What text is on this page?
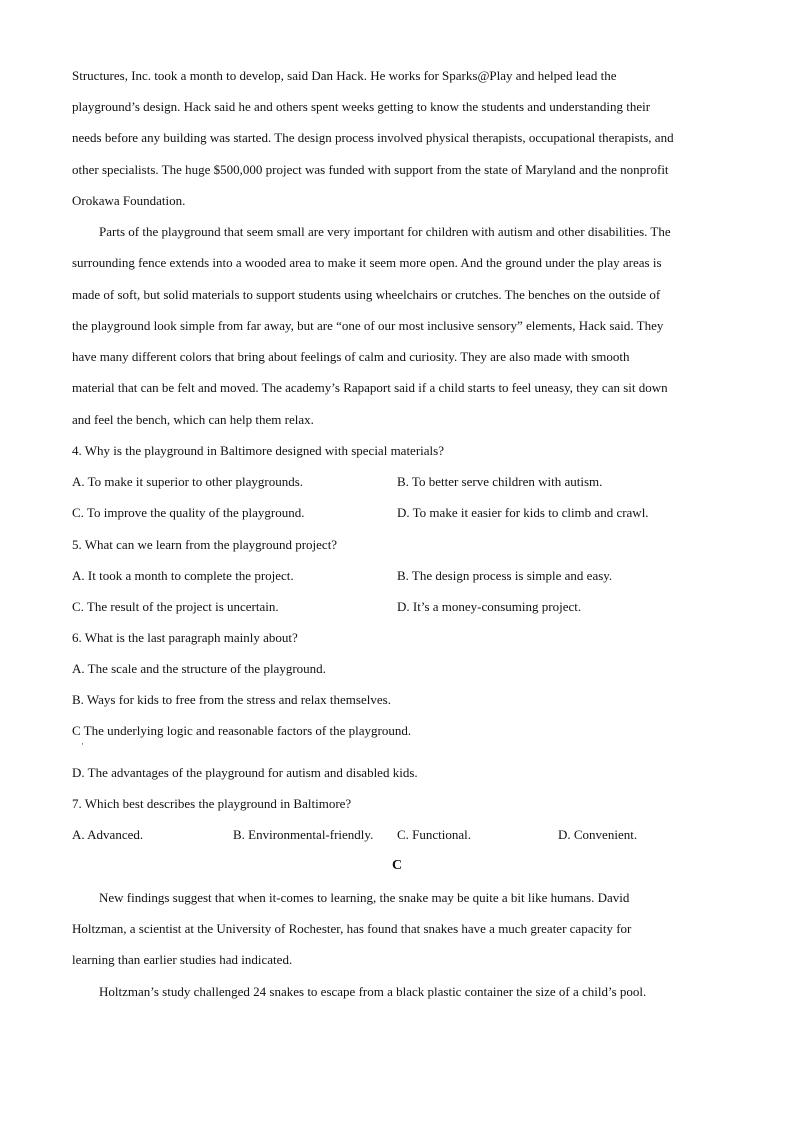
Structures, Inc. took a month to develop, said Dan Hack. He works for Sparks@Play and helped lead the
playground’s design. Hack said he and others spent weeks getting to know the students and understanding their
needs before any building was started. The design process involved physical therapists, occupational therapists, and
other specialists. The huge $500,000 project was funded with support from the state of Maryland and the nonprofit
Orokawa Foundation.
Parts of the playground that seem small are very important for children with autism and other disabilities. The
surrounding fence extends into a wooded area to make it seem more open. And the ground under the play areas is
made of soft, but solid materials to support students using wheelchairs or crutches. The benches on the outside of
the playground look simple from far away, but are “one of our most inclusive sensory” elements, Hack said. They
have many different colors that bring about feelings of calm and curiosity. They are also made with smooth
material that can be felt and moved. The academy’s Rapaport said if a child starts to feel uneasy, they can sit down
and feel the bench, which can help them relax.
4. Why is the playground in Baltimore designed with special materials?
A. To make it superior to other playgrounds.	B. To better serve children with autism.
C. To improve the quality of the playground.	D. To make it easier for kids to climb and crawl.
5. What can we learn from the playground project?
A. It took a month to complete the project.	B. The design process is simple and easy.
C. The result of the project is uncertain.	D. It’s a money-consuming project.
6. What is the last paragraph mainly about?
A. The scale and the structure of the playground.
B. Ways for kids to free from the stress and relax themselves.
C The underlying logic and reasonable factors of the playground.
·
D. The advantages of the playground for autism and disabled kids.
7. Which best describes the playground in Baltimore?
A. Advanced.	B. Environmental-friendly. C. Functional.	D. Convenient.
C
New findings suggest that when it-comes to learning, the snake may be quite a bit like humans. David
Holtzman, a scientist at the University of Rochester, has found that snakes have a much greater capacity for
learning than earlier studies had indicated.
Holtzman’s study challenged 24 snakes to escape from a black plastic container the size of a child’s pool.
